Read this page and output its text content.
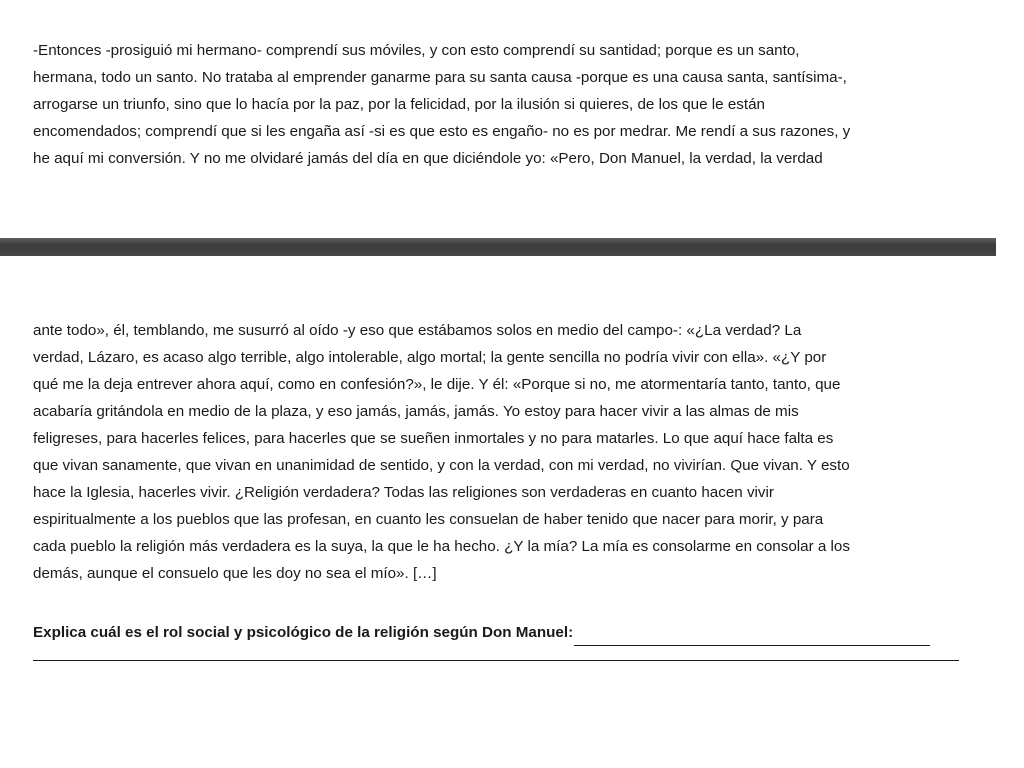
-Entonces -prosiguió mi hermano- comprendí sus móviles, y con esto comprendí su santidad; porque es un santo,
hermana, todo un santo. No trataba al emprender ganarme para su santa causa -porque es una causa santa, santísima-,
arrogarse un triunfo, sino que lo hacía por la paz, por la felicidad, por la ilusión si quieres, de los que le están
encomendados; comprendí que si les engaña así -si es que esto es engaño- no es por medrar. Me rendí a sus razones, y
he aquí mi conversión. Y no me olvidaré jamás del día en que diciéndole yo: «Pero, Don Manuel, la verdad, la verdad
ante todo», él, temblando, me susurró al oído -y eso que estábamos solos en medio del campo-: «¿La verdad? La
verdad, Lázaro, es acaso algo terrible, algo intolerable, algo mortal; la gente sencilla no podría vivir con ella». «¿Y por
qué me la deja entrever ahora aquí, como en confesión?», le dije. Y él: «Porque si no, me atormentaría tanto, tanto, que
acabaría gritándola en medio de la plaza, y eso jamás, jamás, jamás. Yo estoy para hacer vivir a las almas de mis
feligreses, para hacerles felices, para hacerles que se sueñen inmortales y no para matarles. Lo que aquí hace falta es
que vivan sanamente, que vivan en unanimidad de sentido, y con la verdad, con mi verdad, no vivirían. Que vivan. Y esto
hace la Iglesia, hacerles vivir. ¿Religión verdadera? Todas las religiones son verdaderas en cuanto hacen vivir
espiritualmente a los pueblos que las profesan, en cuanto les consuelan de haber tenido que nacer para morir, y para
cada pueblo la religión más verdadera es la suya, la que le ha hecho. ¿Y la mía? La mía es consolarme en consolar a los
demás, aunque el consuelo que les doy no sea el mío». […]
Explica cuál es el rol social y psicológico de la religión según Don Manuel:
